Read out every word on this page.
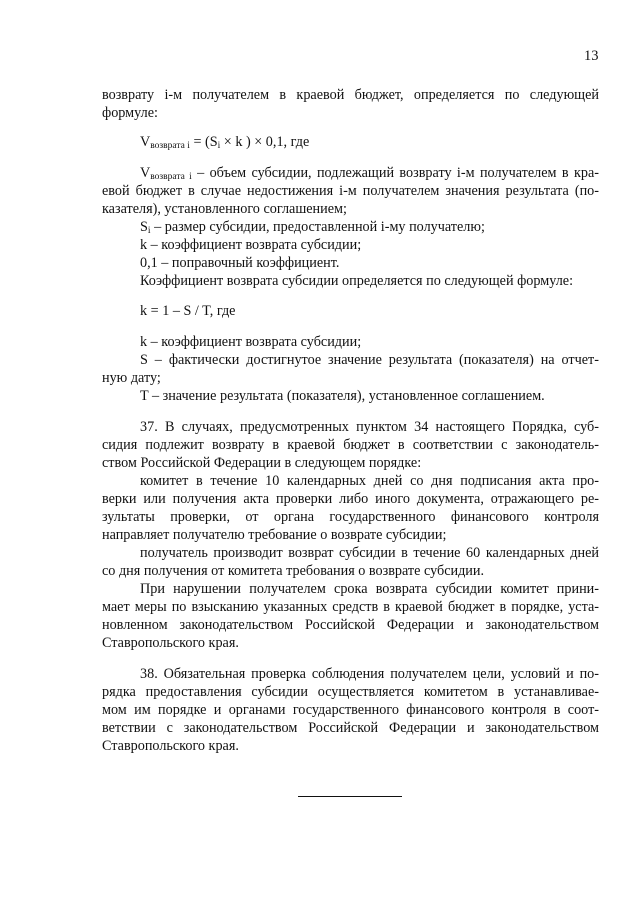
13
возврату i-м получателем в краевой бюджет, определяется по следующей
формуле:
$V_{возврата i} = (S_i \times k$ ) × 0,1, где
$V_{возврата i}$ – объем субсидии, подлежащий возврату i-м получателем в кра-
евой бюджет в случае недостижения i-м получателем значения результата (по-
казателя), установленного соглашением;
$S_i$ – размер субсидии, предоставленной i-му получателю;
k – коэффициент возврата субсидии;
0,1 – поправочный коэффициент.
Коэффициент возврата субсидии определяется по следующей формуле:
k = 1 – S / T, где
k – коэффициент возврата субсидии;
S – фактически достигнутое значение результата (показателя) на отчет-
ную дату;
T – значение результата (показателя), установленное соглашением.
37. В случаях, предусмотренных пунктом 34 настоящего Порядка, суб-
сидия подлежит возврату в краевой бюджет в соответствии с законодатель-
ством Российской Федерации в следующем порядке:
комитет в течение 10 календарных дней со дня подписания акта про-
верки или получения акта проверки либо иного документа, отражающего ре-
зультаты проверки, от органа государственного финансового контроля
направляет получателю требование о возврате субсидии;
получатель производит возврат субсидии в течение 60 календарных дней
со дня получения от комитета требования о возврате субсидии.
При нарушении получателем срока возврата субсидии комитет прини-
мает меры по взысканию указанных средств в краевой бюджет в порядке, уста-
новленном законодательством Российской Федерации и законодательством
Ставропольского края.
38. Обязательная проверка соблюдения получателем цели, условий и по-
рядка предоставления субсидии осуществляется комитетом в устанавливае-
мом им порядке и органами государственного финансового контроля в соот-
ветствии с законодательством Российской Федерации и законодательством
Ставропольского края.
